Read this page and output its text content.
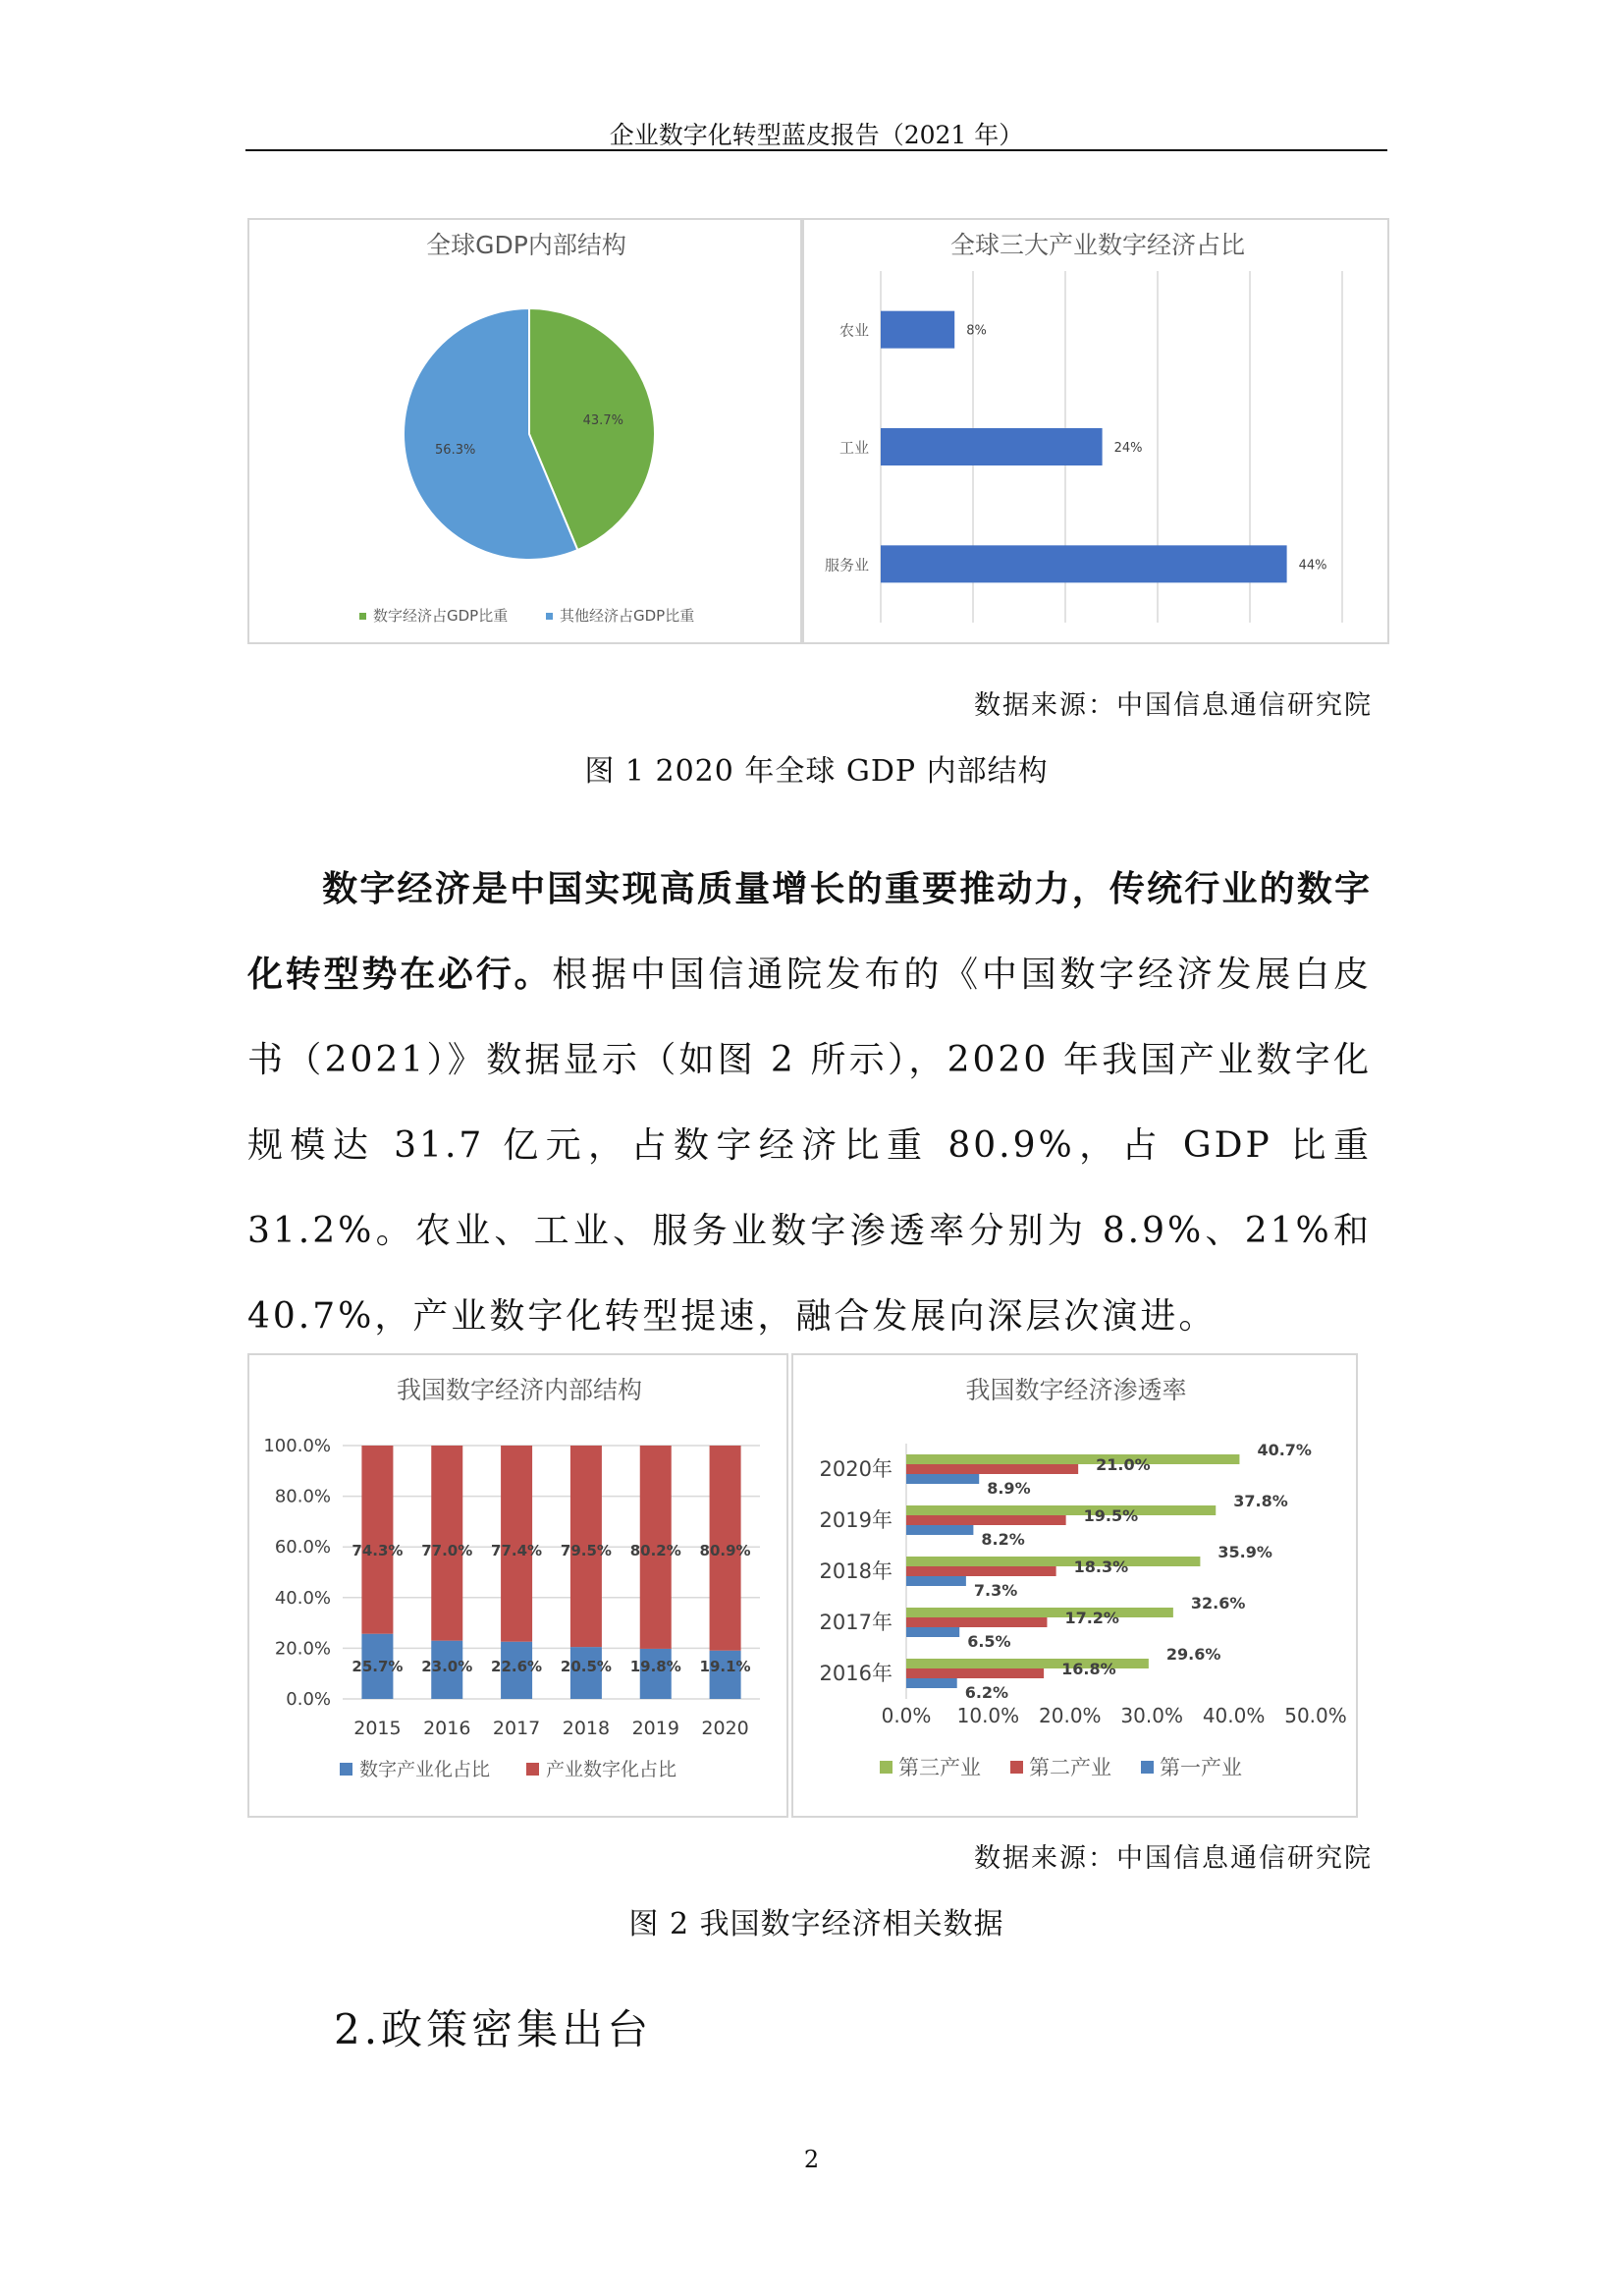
企业数字化转型蓝皮报告（2021 年）
全球GDP内部结构
43.7%
56.3%
数字经济占GDP比重	其他经济占GDP比重
全球三大产业数字经济占比
农业	8%
工业	24%
服务业	44%
数据来源：中国信息通信研究院
图 1 2020 年全球 GDP 内部结构
数字经济是中国实现高质量增长的重要推动力，传统行业的数字化转型势在必行。根据中国信通院发布的《中国数字经济发展白皮书（2021）》数据显示（如图 2 所示），2020 年我国产业数字化规模达 31.7 亿元，占数字经济比重 80.9%，占 GDP 比重 31.2%。农业、工业、服务业数字渗透率分别为 8.9%、21%和 40.7%，产业数字化转型提速，融合发展向深层次演进。
我国数字经济内部结构
0.0%
20.0%
40.0%
60.0%
80.0%
100.0%
25.7%
74.3%
2015
23.0%
77.0%
2016
22.6%
77.4%
2017
20.5%
79.5%
2018
19.8%
80.2%
2019
19.1%
80.9%
2020
数字产业化占比	产业数字化占比
我国数字经济渗透率
0.0% 10.0% 20.0% 30.0% 40.0% 50.0%
2020年
40.7%
21.0%
8.9%
2019年
37.8%
19.5%
8.2%
2018年
35.9%
18.3%
7.3%
2017年
32.6%
17.2%
6.5%
2016年
29.6%
16.8%
6.2%
第三产业 第二产业 第一产业
数据来源：中国信息通信研究院
图 2 我国数字经济相关数据
2.政策密集出台
2
